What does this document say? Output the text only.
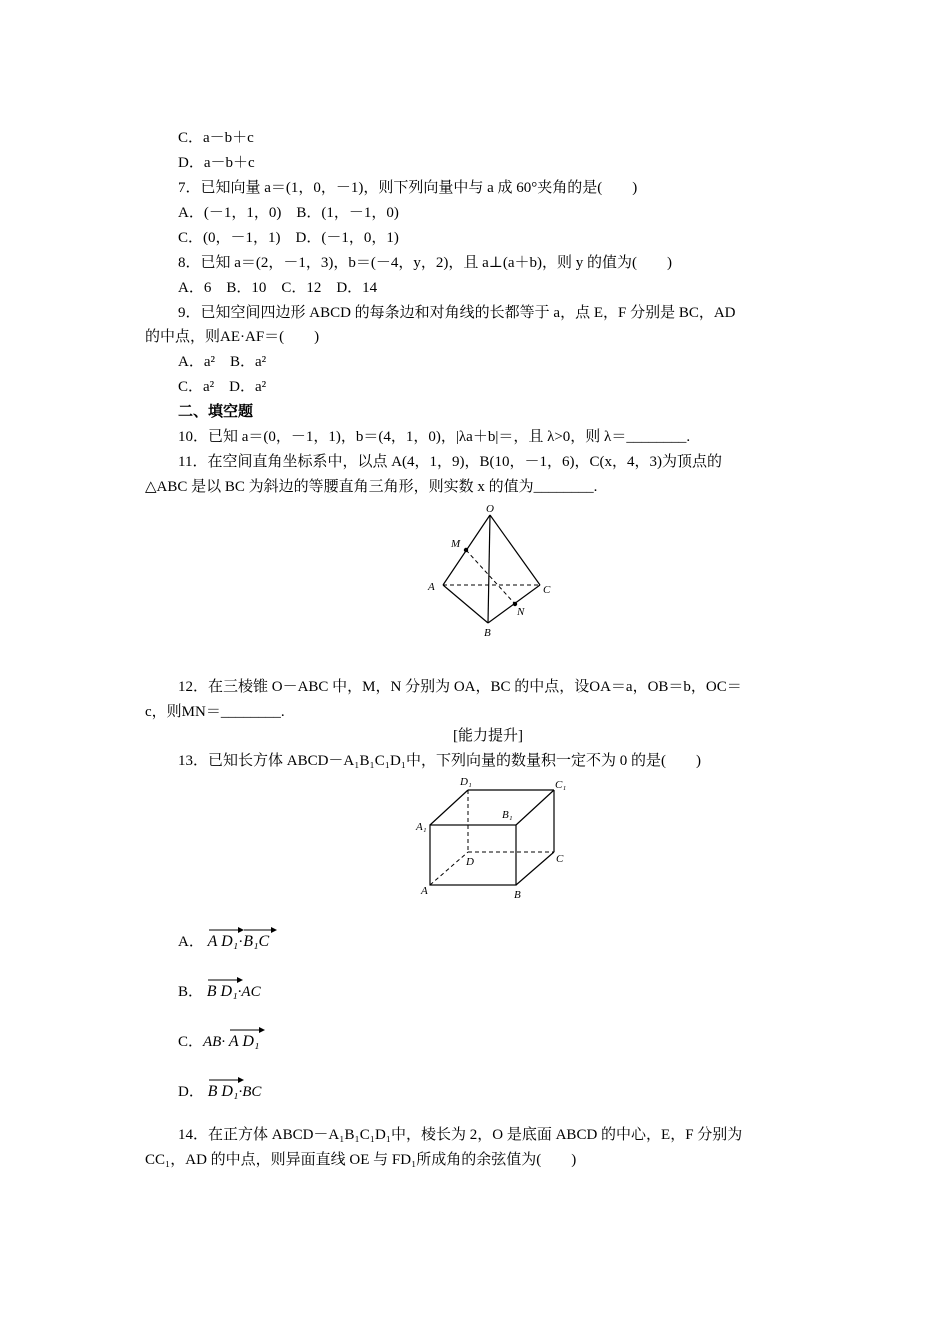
C．a－b＋c
D．a－b＋c
7．已知向量 a＝(1，0，－1)，则下列向量中与 a 成 60°夹角的是(　　)
A．(－1，1，0)　B．(1，－1，0)
C．(0，－1，1)　D．(－1，0，1)
8．已知 a＝(2，－1，3)，b＝(－4，y，2)，且 a⊥(a＋b)，则 y 的值为(　　)
A．6　B．10　C．12　D．14
9．已知空间四边形 ABCD 的每条边和对角线的长都等于 a，点 E，F 分别是 BC，AD
的中点，则AE·AF＝(　　)
A．a²　B．a²
C．a²　D．a²
二、填空题
10．已知 a＝(0，－1，1)，b＝(4，1，0)，|λa＋b|＝，且 λ>0，则 λ＝________.
11．在空间直角坐标系中，以点 A(4，1，9)，B(10，－1，6)，C(x，4，3)为顶点的
△ABC 是以 BC 为斜边的等腰直角三角形，则实数 x 的值为________.
O
M
A	C
N
B
12．在三棱锥 O－ABC 中，M，N 分别为 OA，BC 的中点，设OA＝a，OB＝b，OC＝
c，则MN＝________.
[能力提升]
13．已知长方体 ABCD－A₁B₁C₁D₁中，下列向量的数量积一定不为 0 的是(　　)
D₁	C₁
A₁
B₁
D	C
A	B
A． A D₁·
B₁C
B． B D₁·AC
C．AB· A D₁
D． B D₁·BC
14．在正方体 ABCD－A₁B₁C₁D₁中，棱长为 2，O 是底面 ABCD 的中心，E，F 分别为
CC₁，AD 的中点，则异面直线 OE 与 FD₁所成角的余弦值为(　　)
